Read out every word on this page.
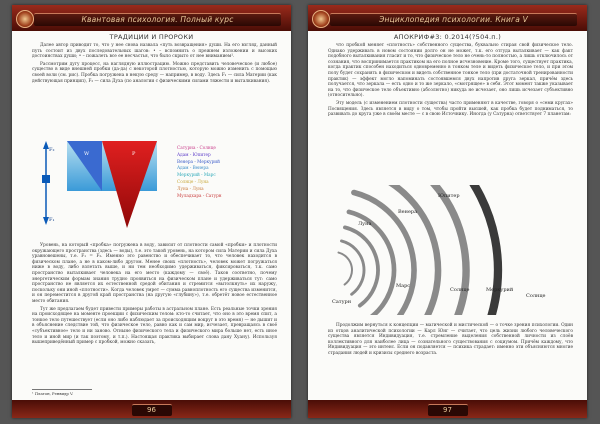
Квантовая психология. Полный курс
ТРАДИЦИИ И ПРОРОКИ

Далее автор приводит то, что у нее снова назвала «путь возвращения» души. На его взгляд, данный путь состоит из двух последовательных шагов: • – вспомнить о прежнем изложении и высоких достоинствах души; • – пожалеть все ее несчастья, что было скрыто от нее вниманием¹.

Рассмотрим дугу процесс, на наглядную иллюстрацию. Можно представить человеческое (и любое) существо в виде внешней пробки (да-да) с некоторой плотностью, которую можно изменить с помощью своей воли (см. рис). Пробка погружена в некую среду — например, в воду. Здесь F₁ — сила Материи (как действующая принцип), F₂ — сила Духа (по аналогии с физическими силами тяжести и выталкивания).

F₂
F₁
W	P
Сатурна - Солнце
Адам - Юпитер
Венера - Меркурий
Адам - Венера
Меркурий - Марс
Солнце - Луна
Луна - Луна
Муладхара - Сатурн

Уровень, на который «пробка» погружена в воду, зависит от плотности самой «пробки» и плотности окружающего пространства (здесь — воды), т.е. это такой уровень, на котором сила Материи и сила Духа уравновешены, т.е. F₁ = F₂. Именно это равенство и обеспечивает то, что человек находится в физическом плане, а не в каком-либо другом. Менее своих «плотность», человек может погружаться ниже в воду, либо взлетать выше, и ни тем необходимо удерживаться, фиксироваться, т.к. само пространство выталкивает человека на его место (каждому — своё). Таков соответно, почему энергетическим формам знания трудно проявиться на физическом плане и удерживаться тут: само пространство не является их естественной средой обитания и стремится «вытолкнуть» их наружу, поскольку они иной «плотности». Когда человек умрет — сумма равноплотность его существа изменится, и он переместится в другой край пространства (на другую «глубину»), т.е. обретёт новое естественное место обитания.

Тут же предлагаем будет привести примеры работы в астральном плане. Есть реальные точки зрения на происходящее на моменте проекции с физическим телом: кто-то считает, что оно в это время спит, а тонкое тело путешествует (если оно либо наблюдает за происходящим вокруг в это время) — не дышит и в объяснение следствие той, что физическое тело, равно как и сам мир, исчезает, превращаясь в своё «субъективное» тело и ни заново. Отныне физического тела и физического мира больше нет, есть иное тело и иной мир (и так поэтому, и т.п.). Настоящая практика выбирает слова дану Хуану). Используя вышеприведённый пример с пробкой, можно сказать,

¹ Платон, Ренвидр V.
96
Энциклопедия психологии. Книга V
АПОКРИФ#3: 0.2014(?504.п.)

что пробкой меняет «плотность» собственного существа, буквально стирая свой физическое тело. Однако удерживать в новом состоянии долго он не может, т.к. его отгуда выталкивает — как факт подобного выталкивания гласит и то, что физическое тело не очень-то полностью, а лишь отключилось от сознания, что воспринимается практиком на его полное исчезновение. Кроме того, существует практика, когда практик способен находиться одновременно в тонком теле и видеть физическое тело, и при этом полу будет сохранять в физическом и видеть собственное тонкое тело (при достаточной тренированности практик) — эффект могло напоминать состоявшемся двух напротив друга зеркал, причём здесь получается, что зеркала — есть одно и то же зеркало, «смотрящее» в себя. Этот момент также указывает на то, что физическое тело объективно (абсолютно) никуда не исчезает, оно лишь исчезает субъективно (относительно).

Эту модель (с изменением плотности существа) часто применяют в качестве, говоря о «семи кругах» Посвящения. Здесь является в виду о том, чтобы пройти высшей, как пробка будет подниматься, то развивать до круга уже в своём месте — с в свою Источнику. Иногда (у Сатурна) ответствует 7 планетам:

Сатурн
Марс
Солнце	Меркурий
Луна
Венера
Юпитер
Солнце

Продолжим вернуться к концепции — магической и мистической — о точке зрения психологии. Один из отцов аналитической психологии — Карл Юнг — считает, что цель жизни любого человеческого существа является Индивидуация, т.е. стремление выделения собственной личности из слоёв коллективного для наиболее лица — сознательного существования с социумом. Причём каждому, что Индивидуация — это интенс. Если он подавляется — психика страдает: именно эти объясняются многие страдания людей и кризисы среднего возраста.

97
